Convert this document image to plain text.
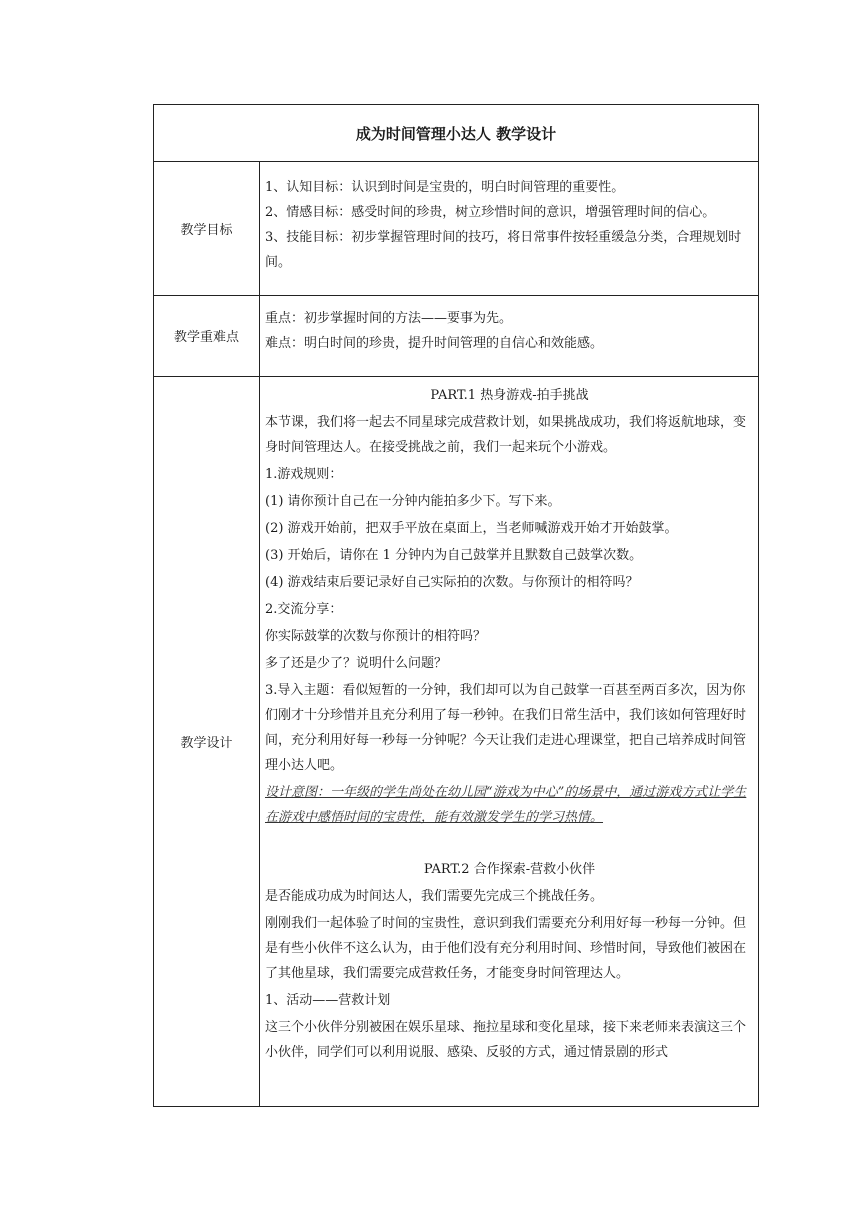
成为时间管理小达人 教学设计
教学目标

1、认知目标：认识到时间是宝贵的，明白时间管理的重要性。

2、情感目标：感受时间的珍贵，树立珍惜时间的意识，增强管理时间的信心。

3、技能目标：初步掌握管理时间的技巧，将日常事件按轻重缓急分类，合理规划时间。

教学重难点

重点：初步掌握时间的方法——要事为先。

难点：明白时间的珍贵，提升时间管理的自信心和效能感。

教学设计

PART.1 热身游戏-拍手挑战

本节课，我们将一起去不同星球完成营救计划，如果挑战成功，我们将返航地球，变身时间管理达人。在接受挑战之前，我们一起来玩个小游戏。

1.游戏规则：

(1) 请你预计自己在一分钟内能拍多少下。写下来。

(2) 游戏开始前，把双手平放在桌面上，当老师喊游戏开始才开始鼓掌。

(3) 开始后，请你在 1 分钟内为自己鼓掌并且默数自己鼓掌次数。

(4) 游戏结束后要记录好自己实际拍的次数。与你预计的相符吗？

2.交流分享：

你实际鼓掌的次数与你预计的相符吗？

多了还是少了？说明什么问题？

3.导入主题：看似短暂的一分钟，我们却可以为自己鼓掌一百甚至两百多次，因为你们刚才十分珍惜并且充分利用了每一秒钟。在我们日常生活中，我们该如何管理好时间，充分利用好每一秒每一分钟呢？今天让我们走进心理课堂，把自己培养成时间管理小达人吧。

设计意图：一年级的学生尚处在幼儿园“游戏为中心”的场景中，通过游戏方式让学生在游戏中感悟时间的宝贵性，能有效激发学生的学习热情。

PART.2 合作探索-营救小伙伴

是否能成功成为时间达人，我们需要先完成三个挑战任务。

刚刚我们一起体验了时间的宝贵性，意识到我们需要充分利用好每一秒每一分钟。但是有些小伙伴不这么认为，由于他们没有充分利用时间、珍惜时间，导致他们被困在了其他星球，我们需要完成营救任务，才能变身时间管理达人。

1、活动——营救计划

这三个小伙伴分别被困在娱乐星球、拖拉星球和变化星球，接下来老师来表演这三个小伙伴，同学们可以利用说服、感染、反驳的方式，通过情景剧的形式
